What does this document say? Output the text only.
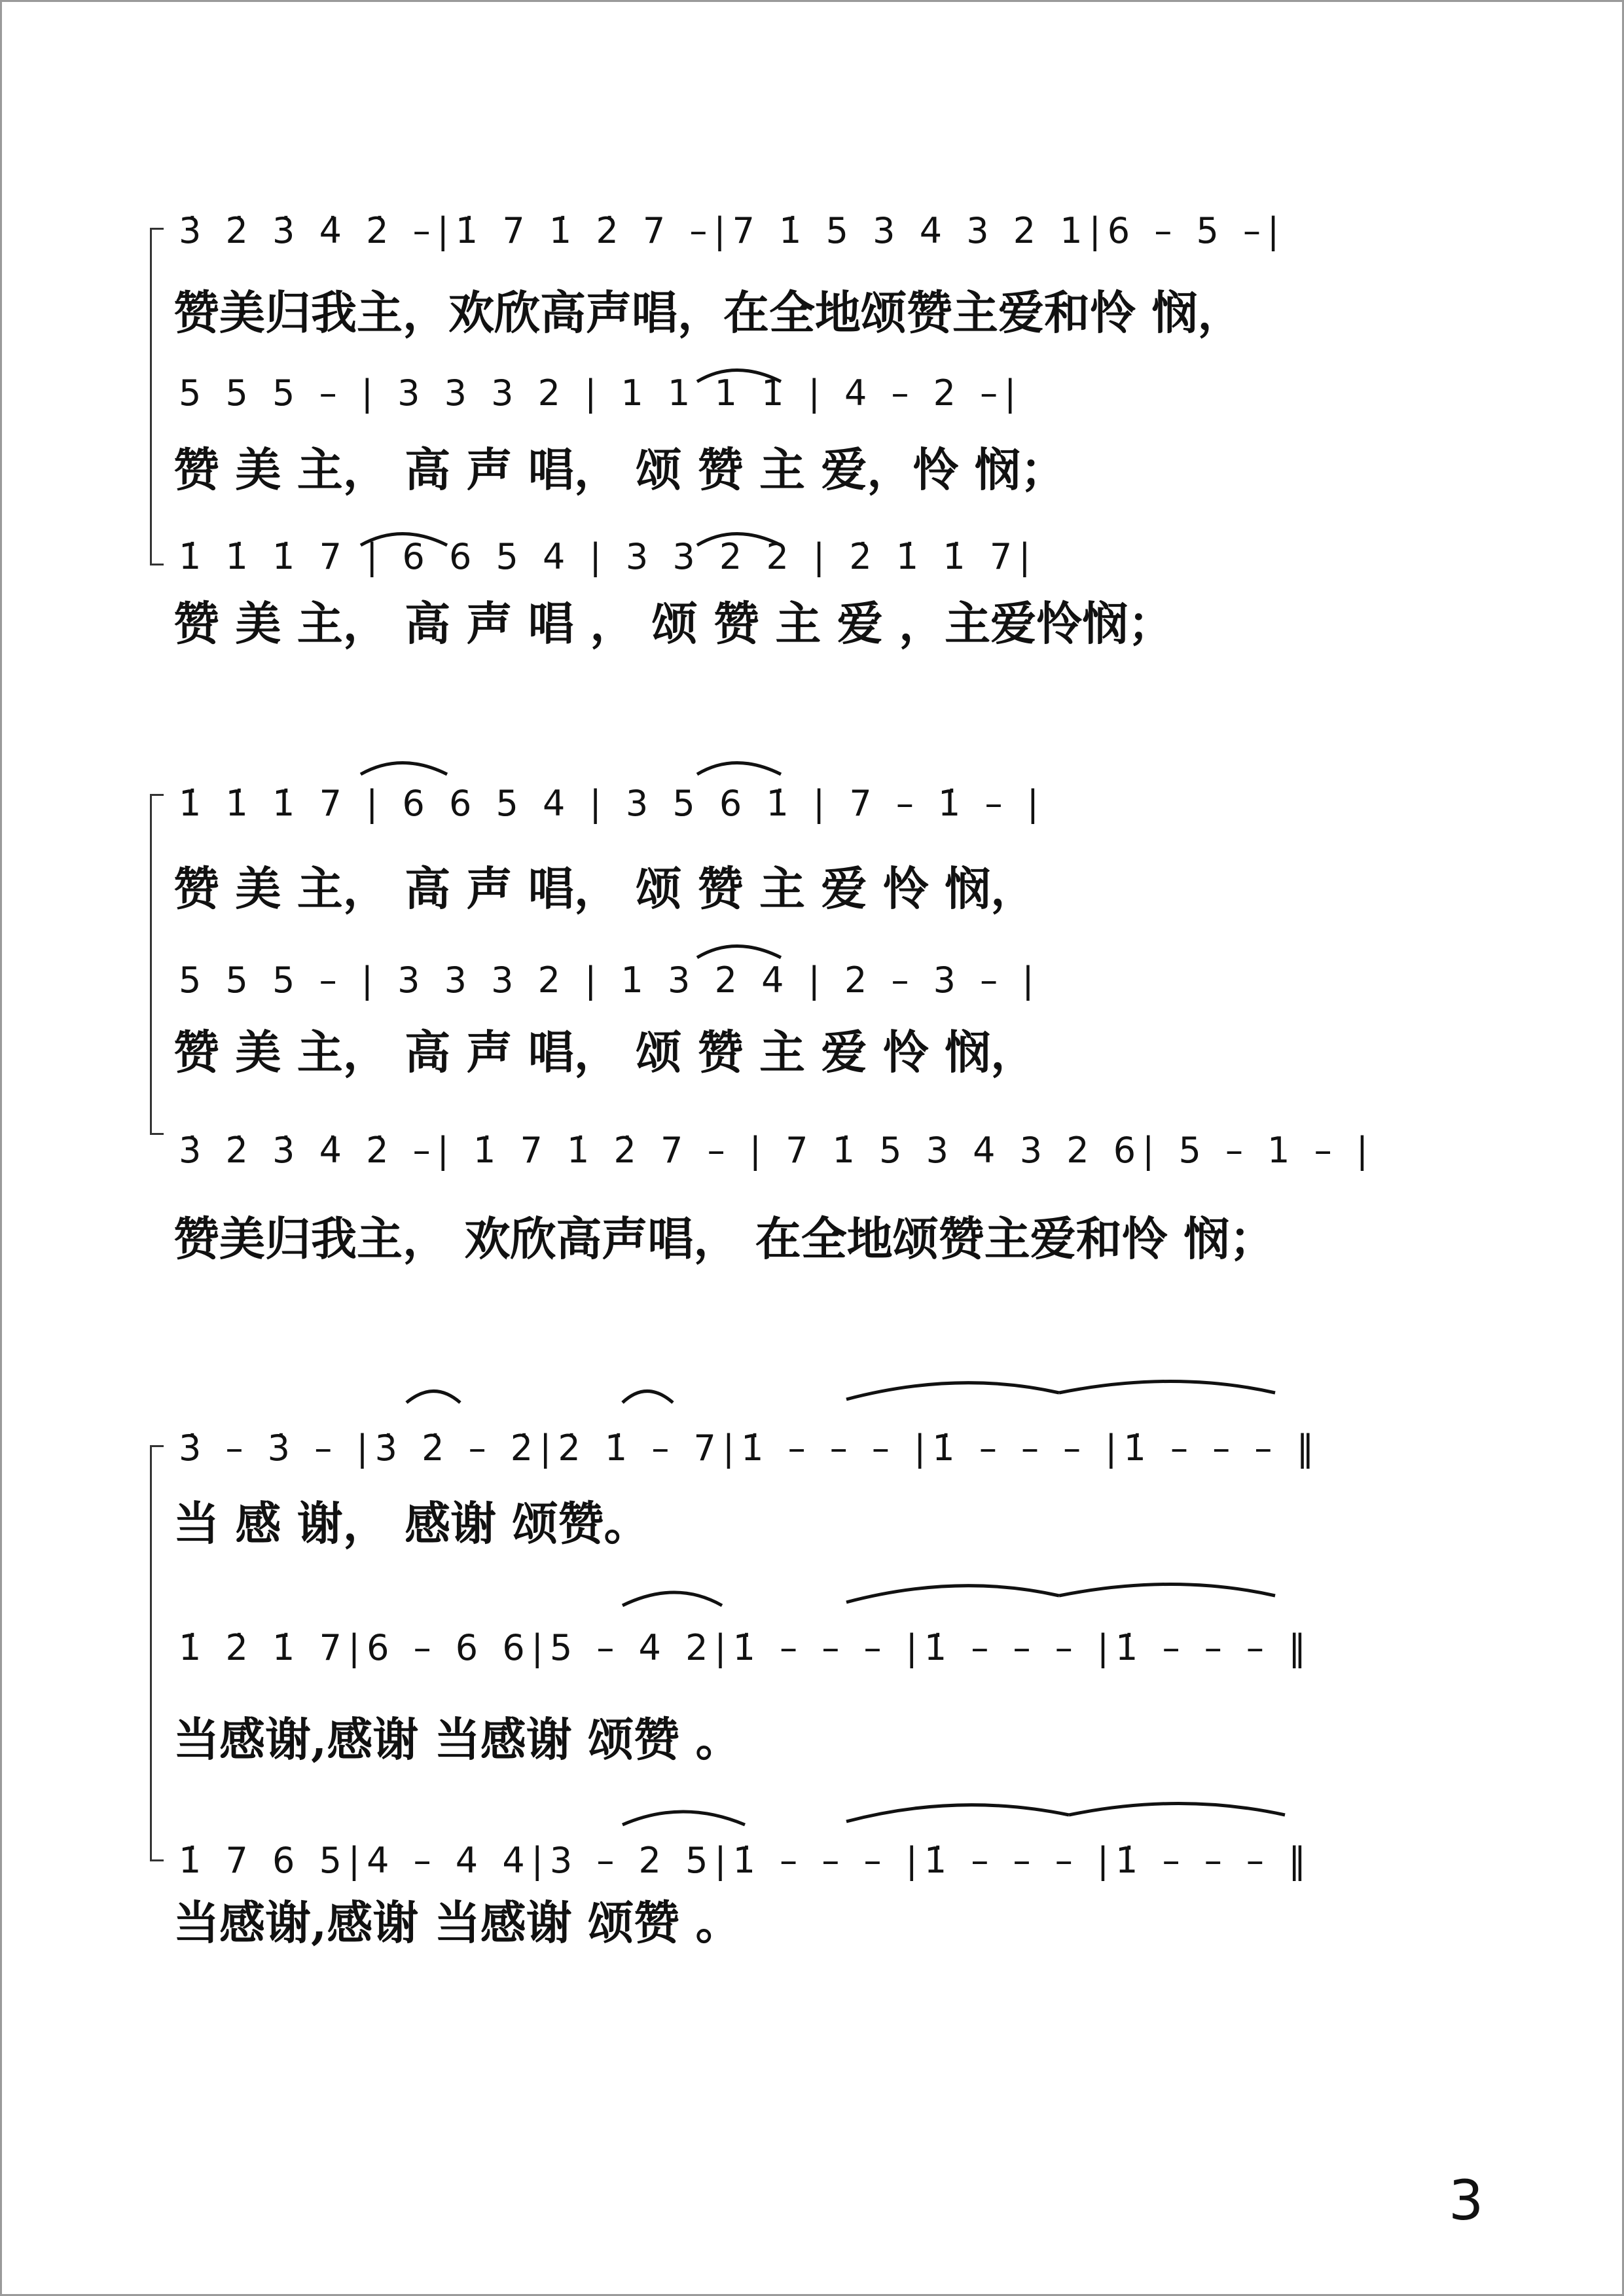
3̇ 2̇ 3̇ 4̇ 2̇ –|1̇ 7 1̇ 2̇ 7 –|7 1̇ 5 3 4 3 2 1|6 – 5 –|
赞美归我主，欢欣高声唱，在全地颂赞主爱和怜 悯，
5 5 5 – | 3 3 3 2 | 1 1 1 1 | 4 – 2 –|
赞 美 主， 高 声 唱， 颂 赞 主 爱，怜 悯；
1̇ 1̇ 1̇ 7 | 6 6 5 4 | 3 3 2 2 | 2̇ 1̇ 1̇ 7|
赞 美 主， 高 声 唱 ， 颂 赞 主 爱 ，主爱怜悯；
1̇ 1̇ 1̇ 7 | 6 6 5 4 | 3 5 6 1̇ | 7 – 1̇ – |
赞 美 主， 高 声 唱， 颂 赞 主 爱 怜 悯，
5 5 5 – | 3 3 3 2 | 1 3 2 4 | 2 – 3 – |
赞 美 主， 高 声 唱， 颂 赞 主 爱 怜 悯，
3̇ 2̇ 3̇ 4̇ 2̇ –| 1̇ 7 1̇ 2̇ 7 – | 7 1̇ 5 3 4 3 2 6| 5 – 1 – |
赞美归我主， 欢欣高声唱， 在全地颂赞主爱和怜 悯；
3̇ – 3̇ – |3̇ 2̇ – 2̇|2̇ 1̇ – 7|1̇ – – – |1̇ – – – |1̇ – – – ‖
当 感 谢， 感谢 颂赞。
1̇ 2̇ 1̇ 7|6 – 6 6|5 – 4 2|1̇ – – – |1̇ – – – |1̇ – – – ‖
当感谢,感谢 当感谢 颂赞 。
1̇ 7 6 5|4 – 4 4|3 – 2 5|1̇ – – – |1̇ – – – |1̇ – – – ‖
当感谢,感谢 当感谢 颂赞 。
3
